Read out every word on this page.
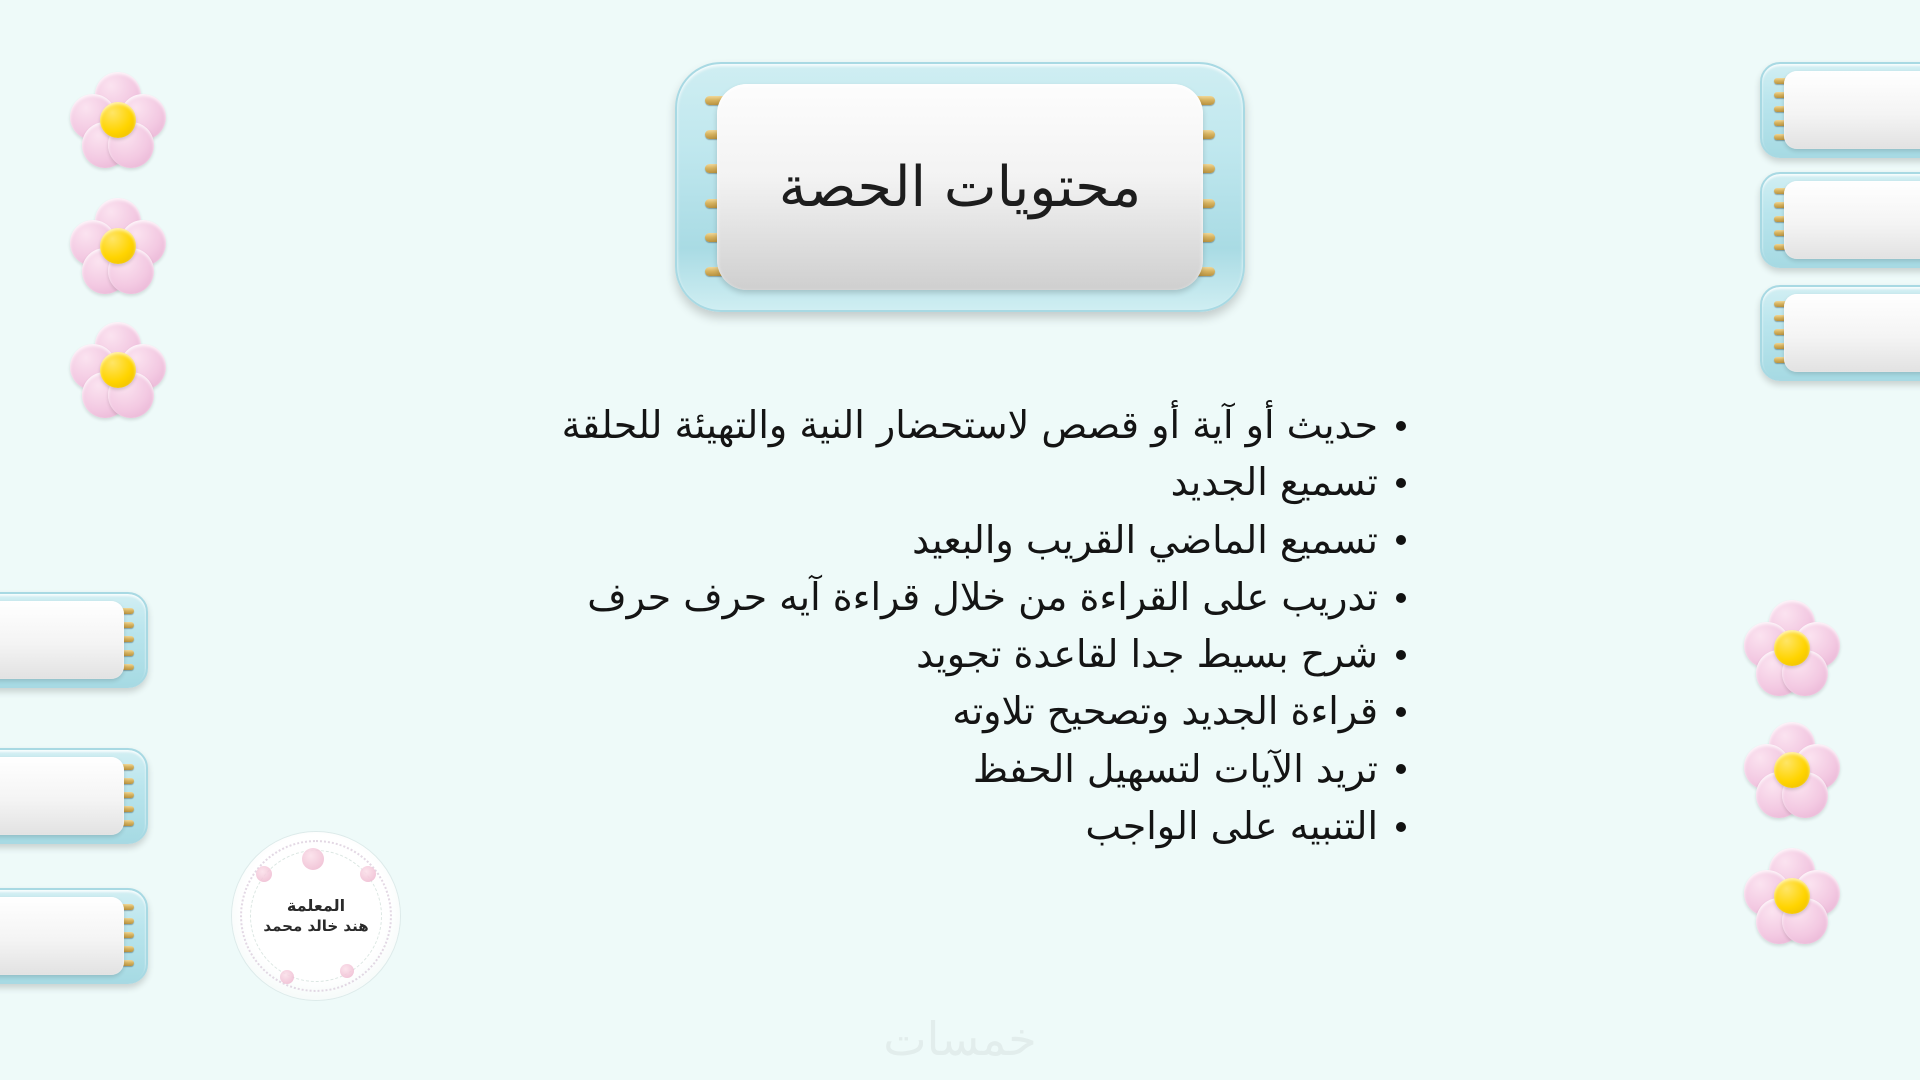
محتويات الحصة
حديث أو آية أو قصص لاستحضار النية والتهيئة للحلقة
تسميع الجديد
تسميع الماضي القريب والبعيد
تدريب على القراءة من خلال قراءة آيه حرف حرف
شرح بسيط جدا لقاعدة تجويد
قراءة الجديد وتصحيح تلاوته
تريد الآيات لتسهيل الحفظ
التنبيه على الواجب
المعلمة
هند خالد محمد
خمسات
